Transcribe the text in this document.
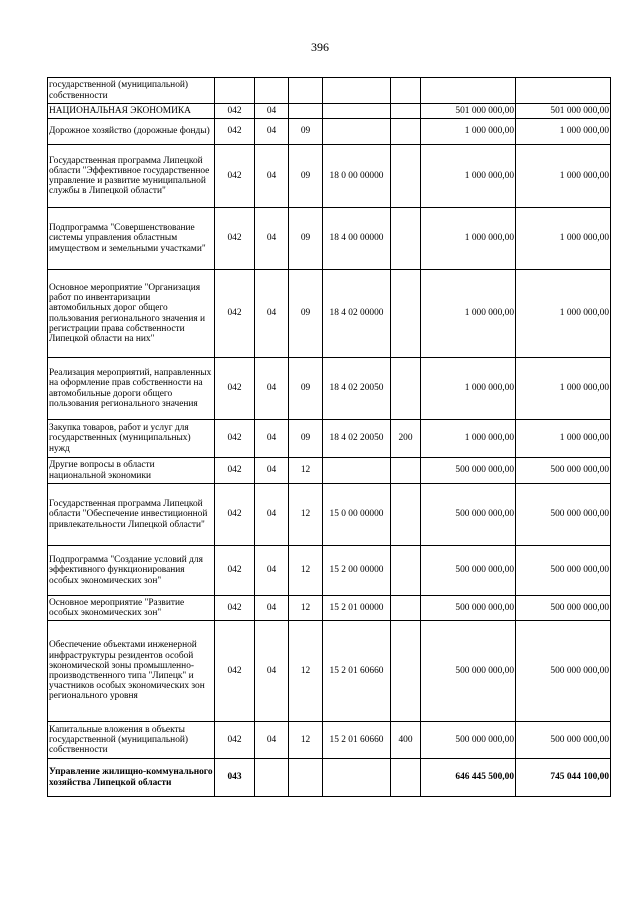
396
государственной (муниципальной) собственности							
НАЦИОНАЛЬНАЯ ЭКОНОМИКА	042	04				501 000 000,00	501 000 000,00
Дорожное хозяйство (дорожные фонды)	042	04	09			1 000 000,00	1 000 000,00
Государственная программа Липецкой области "Эффективное государственное управление и развитие муниципальной службы в Липецкой области"	042	04	09	18 0 00 00000		1 000 000,00	1 000 000,00
Подпрограмма "Совершенствование системы управления областным имуществом и земельными участками"	042	04	09	18 4 00 00000		1 000 000,00	1 000 000,00
Основное мероприятие "Организация работ по инвентаризации автомобильных дорог общего пользования регионального значения и регистрации права собственности Липецкой области на них"	042	04	09	18 4 02 00000		1 000 000,00	1 000 000,00
Реализация мероприятий, направленных на оформление прав собственности на автомобильные дороги общего пользования регионального значения	042	04	09	18 4 02 20050		1 000 000,00	1 000 000,00
Закупка товаров, работ и услуг для государственных (муниципальных) нужд	042	04	09	18 4 02 20050	200	1 000 000,00	1 000 000,00
Другие вопросы в области национальной экономики	042	04	12			500 000 000,00	500 000 000,00
Государственная программа Липецкой области "Обеспечение инвестиционной привлекательности Липецкой области"	042	04	12	15 0 00 00000		500 000 000,00	500 000 000,00
Подпрограмма "Создание условий для эффективного функционирования особых экономических зон"	042	04	12	15 2 00 00000		500 000 000,00	500 000 000,00
Основное мероприятие "Развитие особых экономических зон"	042	04	12	15 2 01 00000		500 000 000,00	500 000 000,00
Обеспечение объектами инженерной инфраструктуры резидентов особой экономической зоны промышленно-производственного типа "Липецк" и участников особых экономических зон регионального уровня	042	04	12	15 2 01 60660		500 000 000,00	500 000 000,00
Капитальные вложения в объекты государственной (муниципальной) собственности	042	04	12	15 2 01 60660	400	500 000 000,00	500 000 000,00
Управление жилищно-коммунального хозяйства Липецкой области	043					646 445 500,00	745 044 100,00
